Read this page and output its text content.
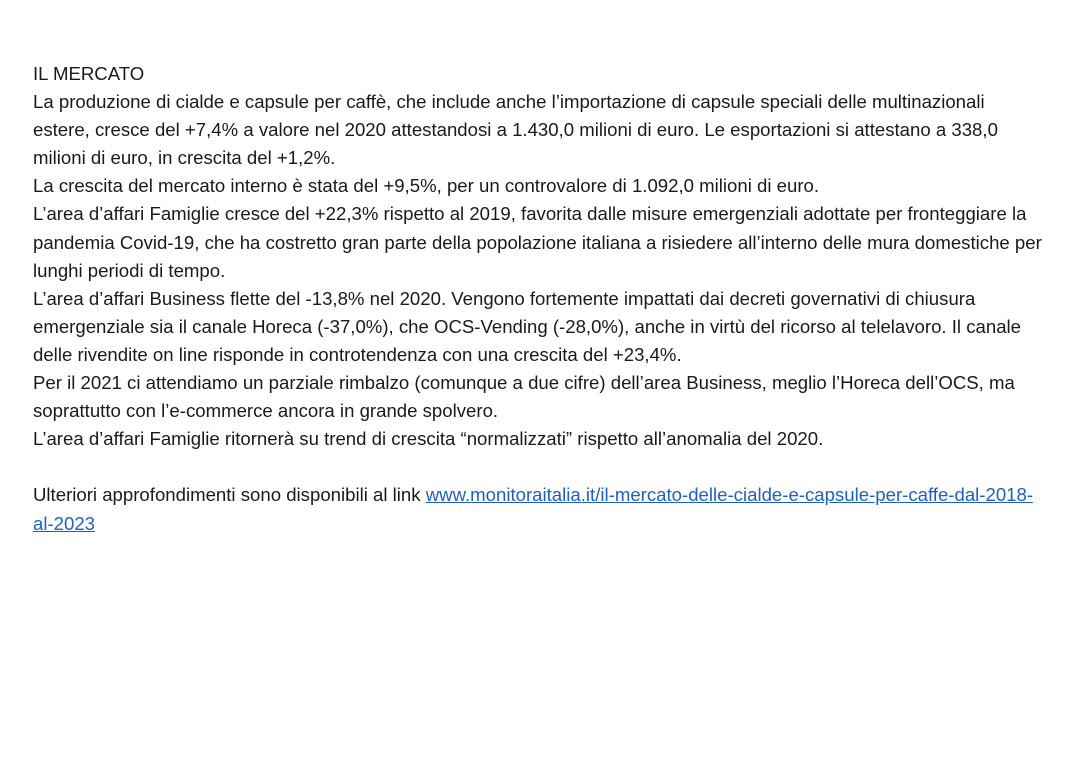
IL MERCATO

La produzione di cialde e capsule per caffè, che include anche l’importazione di capsule speciali delle multinazionali estere, cresce del +7,4% a valore nel 2020 attestandosi a 1.430,0 milioni di euro. Le esportazioni si attestano a 338,0 milioni di euro, in crescita del +1,2%.

La crescita del mercato interno è stata del +9,5%, per un controvalore di 1.092,0 milioni di euro.

L’area d’affari Famiglie cresce del +22,3% rispetto al 2019, favorita dalle misure emergenziali adottate per fronteggiare la pandemia Covid-19, che ha costretto gran parte della popolazione italiana a risiedere all’interno delle mura domestiche per lunghi periodi di tempo.

L’area d’affari Business flette del -13,8% nel 2020. Vengono fortemente impattati dai decreti governativi di chiusura emergenziale sia il canale Horeca (-37,0%), che OCS-Vending (-28,0%), anche in virtù del ricorso al telelavoro. Il canale delle rivendite on line risponde in controtendenza con una crescita del +23,4%.

Per il 2021 ci attendiamo un parziale rimbalzo (comunque a due cifre) dell’area Business, meglio l’Horeca dell’OCS, ma soprattutto con l’e-commerce ancora in grande spolvero.

L’area d’affari Famiglie ritornerà su trend di crescita “normalizzati” rispetto all’anomalia del 2020.

Ulteriori approfondimenti sono disponibili al link www.monitoraitalia.it/il-mercato-delle-cialde-e-capsule-per-caffe-dal-2018-al-2023
